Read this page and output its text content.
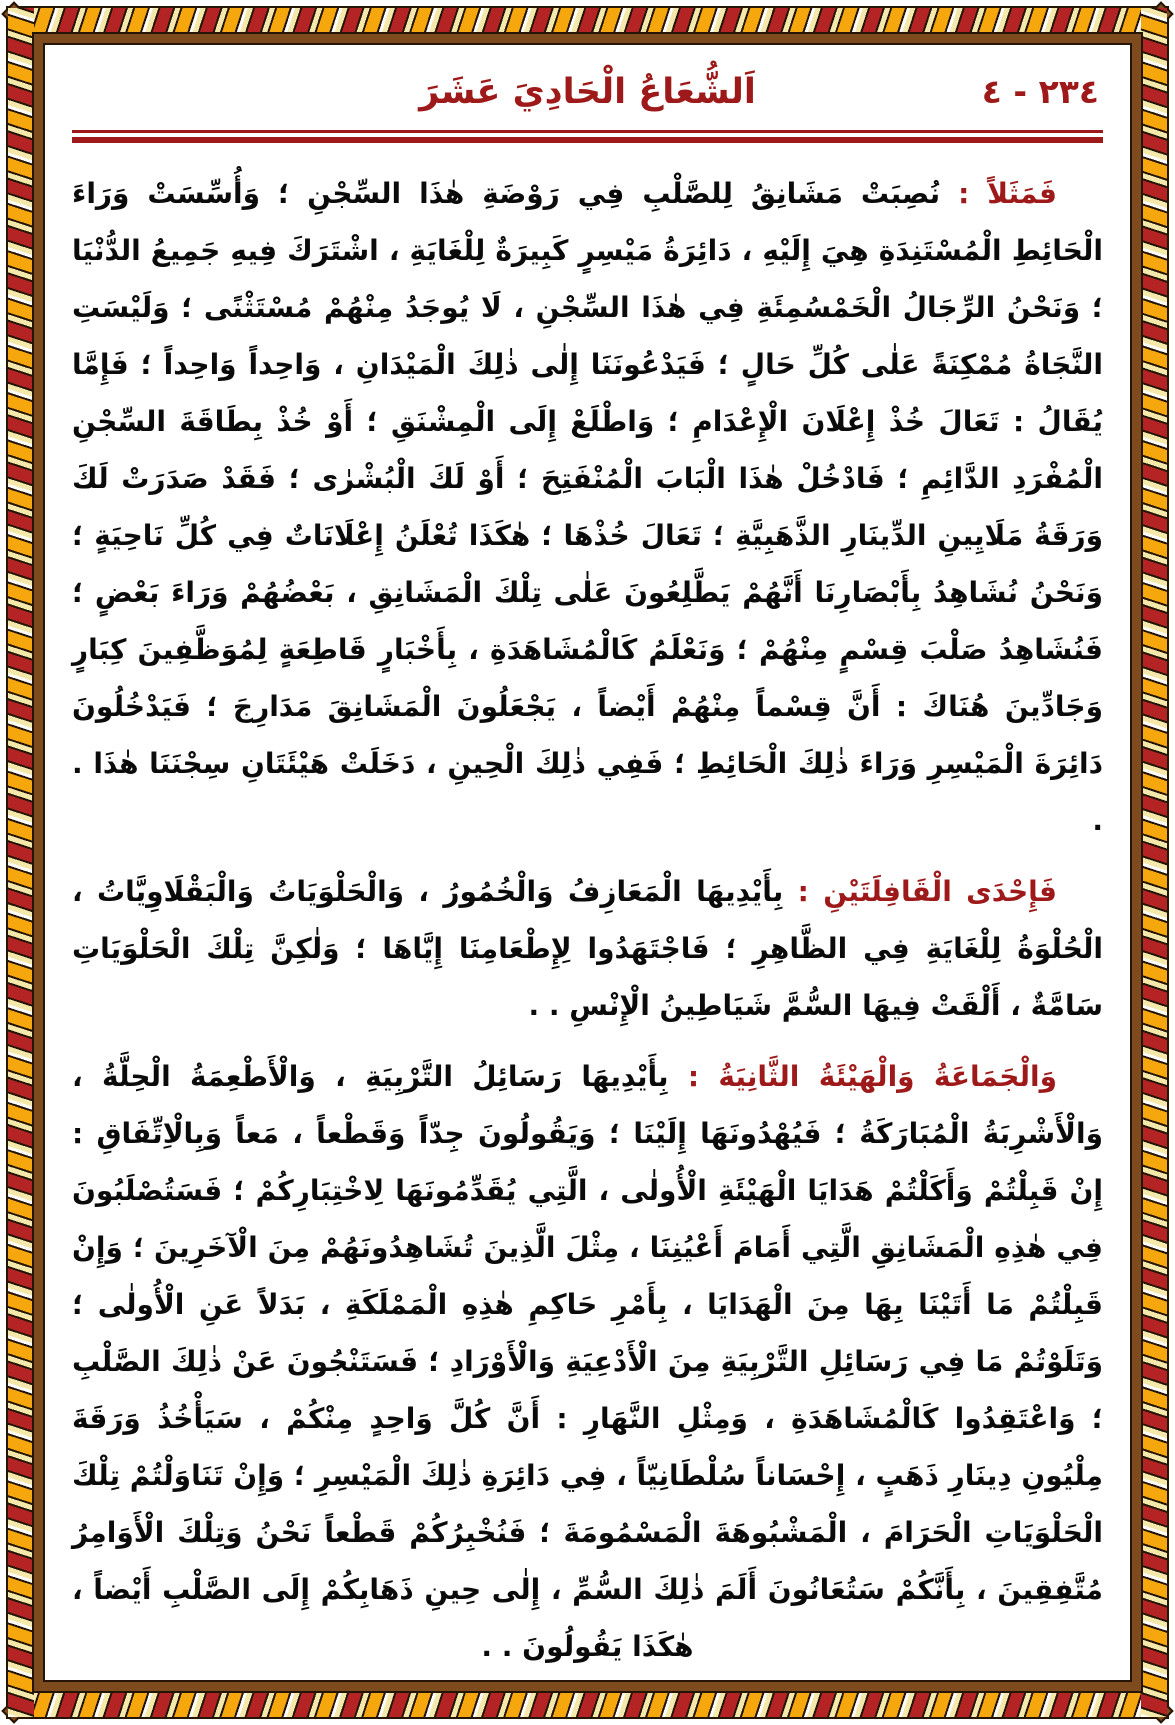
٢٣٤ - ٤
اَلشُّعَاعُ الْحَادِيَ عَشَرَ

فَمَثَلاً : نُصِبَتْ مَشَانِقُ لِلصَّلْبِ فِي رَوْضَةِ هٰذَا السِّجْنِ ؛ وَأُسِّسَتْ وَرَاءَ الْحَائِطِ الْمُسْتَنِدَةِ هِيَ إِلَيْهِ ، دَائِرَةُ مَيْسِرٍ كَبِيرَةٌ لِلْغَايَةِ ، اشْتَرَكَ فِيهِ جَمِيعُ الدُّنْيَا ؛ وَنَحْنُ الرِّجَالُ الْخَمْسُمِئَةِ فِي هٰذَا السِّجْنِ ، لَا يُوجَدُ مِنْهُمْ مُسْتَثْنًى ؛ وَلَيْسَتِ النَّجَاةُ مُمْكِنَةً عَلٰى كُلِّ حَالٍ ؛ فَيَدْعُونَنَا إِلٰى ذٰلِكَ الْمَيْدَانِ ، وَاحِداً وَاحِداً ؛ فَإِمَّا يُقَالُ : تَعَالَ خُذْ إِعْلَانَ الْإِعْدَامِ ؛ وَاطْلَعْ إِلَى الْمِشْنَقِ ؛ أَوْ خُذْ بِطَاقَةَ السِّجْنِ الْمُفْرَدِ الدَّائِمِ ؛ فَادْخُلْ هٰذَا الْبَابَ الْمُنْفَتِحَ ؛ أَوْ لَكَ الْبُشْرٰى ؛ فَقَدْ صَدَرَتْ لَكَ وَرَقَةُ مَلَايِينِ الدِّينَارِ الذَّهَبِيَّةِ ؛ تَعَالَ خُذْهَا ؛ هٰكَذَا تُعْلَنُ إِعْلَانَاتٌ فِي كُلِّ نَاحِيَةٍ ؛ وَنَحْنُ نُشَاهِدُ بِأَبْصَارِنَا أَنَّهُمْ يَطَّلِعُونَ عَلٰى تِلْكَ الْمَشَانِقِ ، بَعْضُهُمْ وَرَاءَ بَعْضٍ ؛ فَنُشَاهِدُ صَلْبَ قِسْمٍ مِنْهُمْ ؛ وَنَعْلَمُ كَالْمُشَاهَدَةِ ، بِأَخْبَارٍ قَاطِعَةٍ لِمُوَظَّفِينَ كِبَارٍ وَجَادِّينَ هُنَاكَ : أَنَّ قِسْماً مِنْهُمْ أَيْضاً ، يَجْعَلُونَ الْمَشَانِقَ مَدَارِجَ ؛ فَيَدْخُلُونَ دَائِرَةَ الْمَيْسِرِ وَرَاءَ ذٰلِكَ الْحَائِطِ ؛ فَفِي ذٰلِكَ الْحِينِ ، دَخَلَتْ هَيْئَتَانِ سِجْنَنَا هٰذَا . .

فَإِحْدَى الْقَافِلَتَيْنِ : بِأَيْدِيهَا الْمَعَازِفُ وَالْخُمُورُ ، وَالْحَلْوَيَاتُ وَالْبَقْلَاوِيَّاتُ ، الْحُلْوَةُ لِلْغَايَةِ فِي الظَّاهِرِ ؛ فَاجْتَهَدُوا لِإِطْعَامِنَا إِيَّاهَا ؛ وَلٰكِنَّ تِلْكَ الْحَلْوَيَاتِ سَامَّةٌ ، أَلْقَتْ فِيهَا السُّمَّ شَيَاطِينُ الْإِنْسِ . .

وَالْجَمَاعَةُ وَالْهَيْئَةُ الثَّانِيَةُ : بِأَيْدِيهَا رَسَائِلُ التَّرْبِيَةِ ، وَالْأَطْعِمَةُ الْحِلَّةُ ، وَالْأَشْرِبَةُ الْمُبَارَكَةُ ؛ فَيُهْدُونَهَا إِلَيْنَا ؛ وَيَقُولُونَ جِدّاً وَقَطْعاً ، مَعاً وَبِالْاِتِّفَاقِ : إِنْ قَبِلْتُمْ وَأَكَلْتُمْ هَدَايَا الْهَيْئَةِ الْأُولٰى ، الَّتِي يُقَدِّمُونَهَا لِاخْتِبَارِكُمْ ؛ فَسَتُصْلَبُونَ فِي هٰذِهِ الْمَشَانِقِ الَّتِي أَمَامَ أَعْيُنِنَا ، مِثْلَ الَّذِينَ تُشَاهِدُونَهُمْ مِنَ الْآخَرِينَ ؛ وَإِنْ قَبِلْتُمْ مَا أَتَيْنَا بِهَا مِنَ الْهَدَايَا ، بِأَمْرِ حَاكِمِ هٰذِهِ الْمَمْلَكَةِ ، بَدَلاً عَنِ الْأُولٰى ؛ وَتَلَوْتُمْ مَا فِي رَسَائِلِ التَّرْبِيَةِ مِنَ الْأَدْعِيَةِ وَالْأَوْرَادِ ؛ فَسَتَنْجُونَ عَنْ ذٰلِكَ الصَّلْبِ ؛ وَاعْتَقِدُوا كَالْمُشَاهَدَةِ ، وَمِثْلِ النَّهَارِ : أَنَّ كُلَّ وَاحِدٍ مِنْكُمْ ، سَيَأْخُذُ وَرَقَةَ مِلْيُونِ دِينَارِ ذَهَبٍ ، إِحْسَاناً سُلْطَانِيّاً ، فِي دَائِرَةِ ذٰلِكَ الْمَيْسِرِ ؛ وَإِنْ تَنَاوَلْتُمْ تِلْكَ الْحَلْوَيَاتِ الْحَرَامَ ، الْمَشْبُوهَةَ الْمَسْمُومَةَ ؛ فَنُخْبِرُكُمْ قَطْعاً نَحْنُ وَتِلْكَ الْأَوَامِرُ مُتَّفِقِينَ ، بِأَنَّكُمْ سَتُعَانُونَ أَلَمَ ذٰلِكَ السُّمِّ ، إِلٰى حِينِ ذَهَابِكُمْ إِلَى الصَّلْبِ أَيْضاً ، هٰكَذَا يَقُولُونَ . .
